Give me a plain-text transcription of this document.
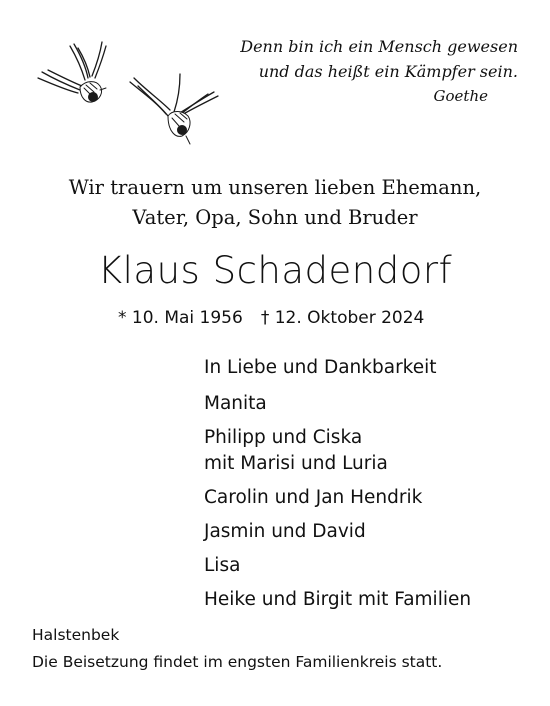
Denn bin ich ein Mensch gewesen
und das heißt ein Kämpfer sein.
Goethe
Wir trauern um unseren lieben Ehemann,
Vater, Opa, Sohn und Bruder
Klaus Schadendorf
* 10. Mai 1956 † 12. Oktober 2024
In Liebe und Dankbarkeit
Manita
Philipp und Ciska
mit Marisi und Luria
Carolin und Jan Hendrik
Jasmin und David
Lisa
Heike und Birgit mit Familien
Halstenbek
Die Beisetzung findet im engsten Familienkreis statt.
